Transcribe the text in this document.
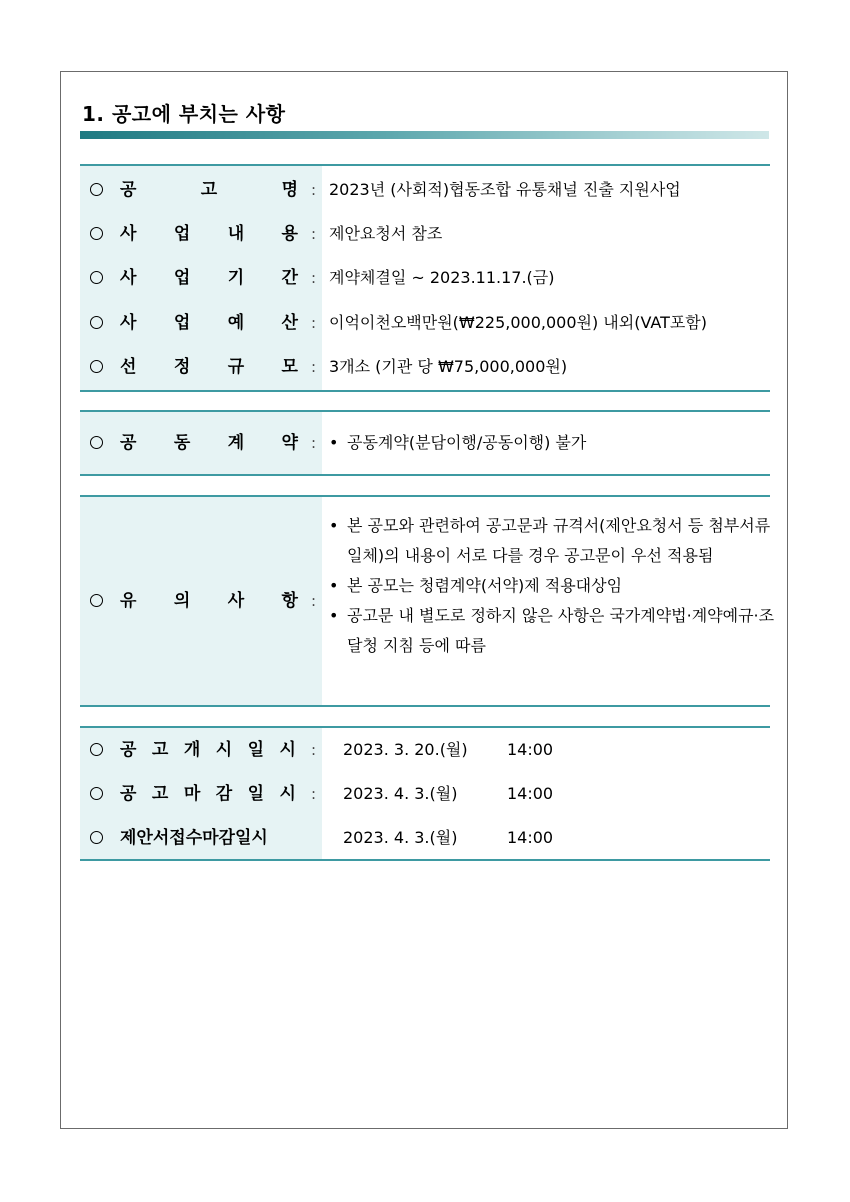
1. 공고에 부치는 사항
공	고	명 : 2023년 (사회적)협동조합 유통채널 진출 지원사업
사 업 내 용 : 제안요청서 참조
사 업 기 간 : 계약체결일 ~ 2023.11.17.(금)
사 업 예 산 : 이억이천오백만원(₩225,000,000원) 내외(VAT포함)
선 정 규 모 : 3개소 (기관 당 ₩75,000,000원)
공 동 계 약 : • 공동계약(분담이행/공동이행) 불가
유 의 사 항 :
• 본 공모와 관련하여 공고문과 규격서(제안요청서 등 첨부서류 일체)의 내용이 서로 다를 경우 공고문이 우선 적용됨
• 본 공모는 청렴계약(서약)제 적용대상임
• 공고문 내 별도로 정하지 않은 사항은 국가계약법·계약예규·조달청 지침 등에 따름
공 고 개 시 일 시 : 2023. 3. 20.(월) 14:00
공 고 마 감 일 시 : 2023. 4. 3.(월)	14:00
제안서접수마감일시	2023. 4. 3.(월)	14:00
